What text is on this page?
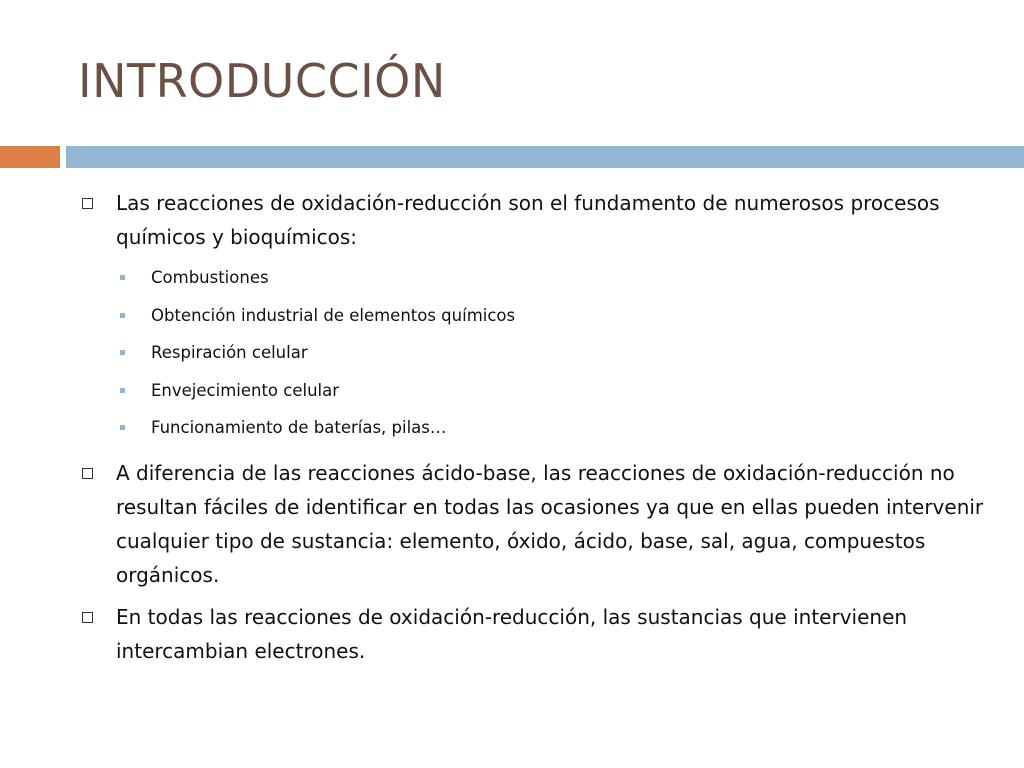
INTRODUCCIÓN
Las reacciones de oxidación-reducción son el fundamento de numerosos procesos químicos y bioquímicos:
Combustiones
Obtención industrial de elementos químicos
Respiración celular
Envejecimiento celular
Funcionamiento de baterías, pilas…
A diferencia de las reacciones ácido-base, las reacciones de oxidación-reducción no resultan fáciles de identificar en todas las ocasiones ya que en ellas pueden intervenir cualquier tipo de sustancia: elemento, óxido, ácido, base, sal, agua, compuestos orgánicos.
En todas las reacciones de oxidación-reducción, las sustancias que intervienen intercambian electrones.
